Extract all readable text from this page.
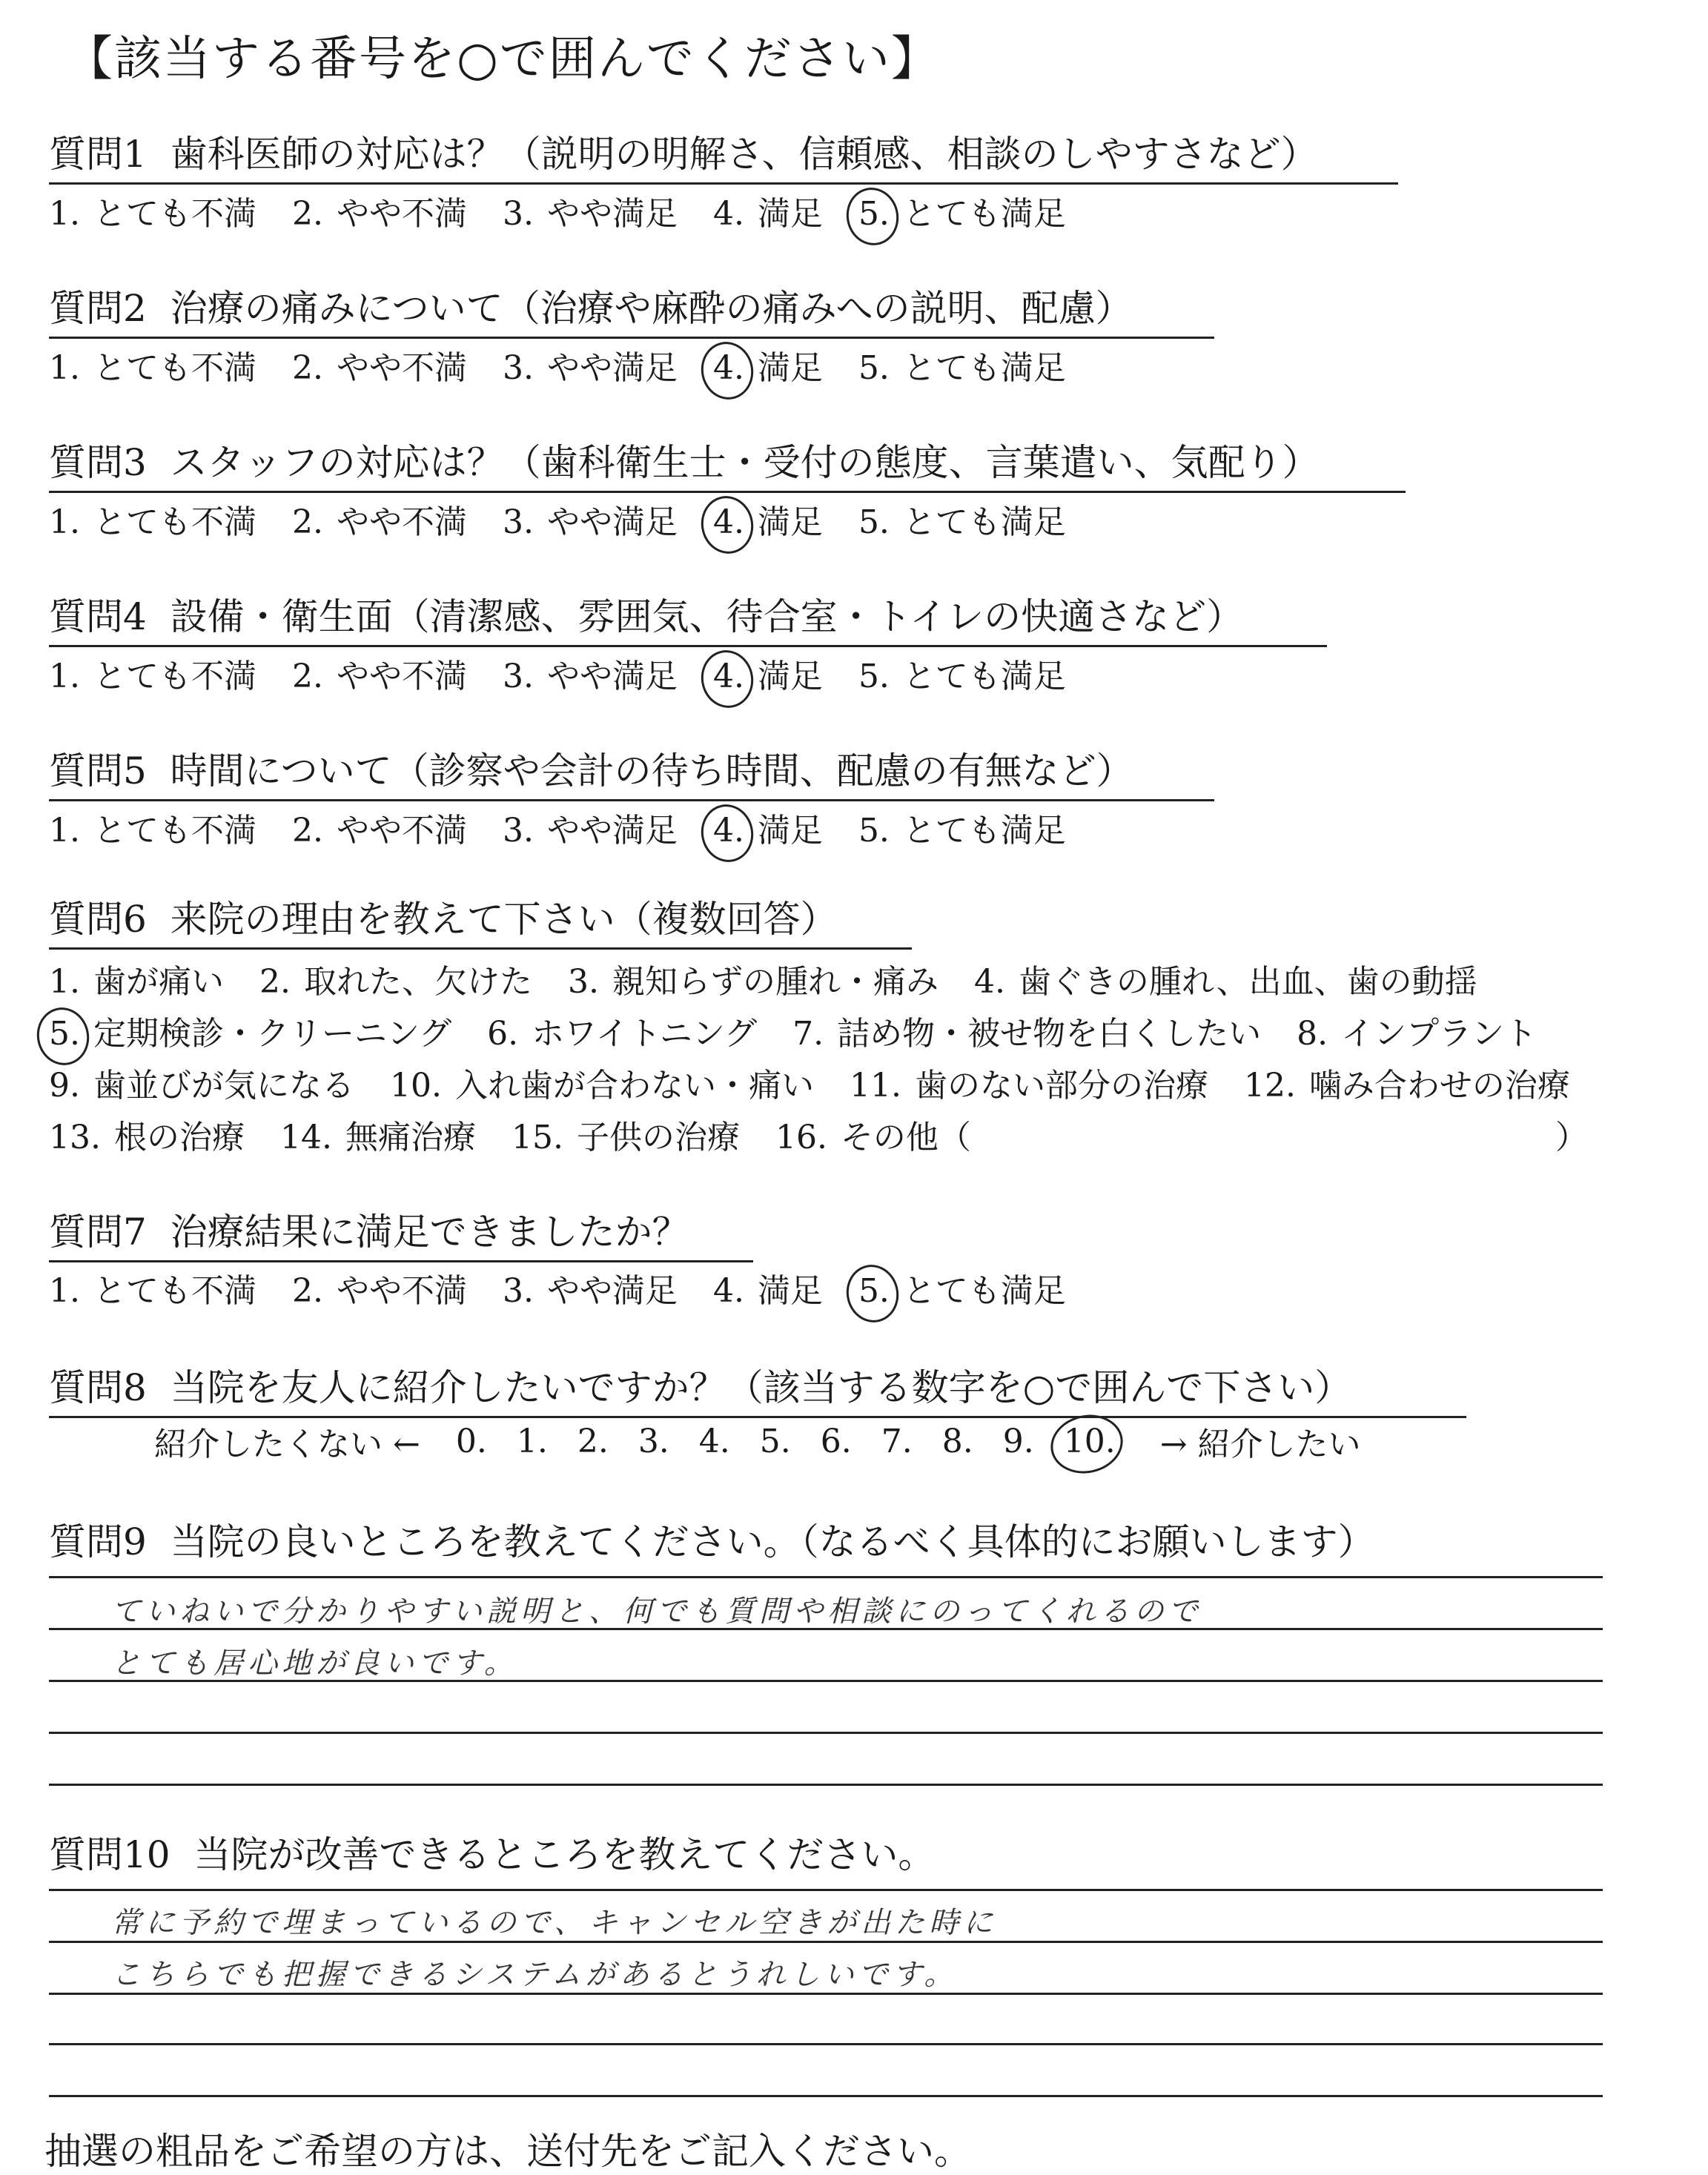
【該当する番号を○で囲んでください】
質問1 歯科医師の対応は？（説明の明解さ、信頼感、相談のしやすさなど）
1. とても不満 2. やや不満 3. やや満足 4. 満足 5. とても満足
質問2 治療の痛みについて（治療や麻酔の痛みへの説明、配慮）
1. とても不満 2. やや不満 3. やや満足 4. 満足 5. とても満足
質問3 スタッフの対応は？（歯科衛生士・受付の態度、言葉遣い、気配り）
1. とても不満 2. やや不満 3. やや満足 4. 満足 5. とても満足
質問4 設備・衛生面（清潔感、雰囲気、待合室・トイレの快適さなど）
1. とても不満 2. やや不満 3. やや満足 4. 満足 5. とても満足
質問5 時間について（診察や会計の待ち時間、配慮の有無など）
1. とても不満 2. やや不満 3. やや満足 4. 満足 5. とても満足
質問6 来院の理由を教えて下さい（複数回答）
1. 歯が痛い 2. 取れた、欠けた 3. 親知らずの腫れ・痛み 4. 歯ぐきの腫れ、出血、歯の動揺
5. 定期検診・クリーニング 6. ホワイトニング 7. 詰め物・被せ物を白くしたい 8. インプラント
9. 歯並びが気になる 10. 入れ歯が合わない・痛い 11. 歯のない部分の治療 12. 噛み合わせの治療
13. 根の治療 14. 無痛治療 15. 子供の治療 16. その他（	）
質問7 治療結果に満足できましたか？
1. とても不満 2. やや不満 3. やや満足 4. 満足 5. とても満足
質問8 当院を友人に紹介したいですか？（該当する数字を○で囲んで下さい）
紹介したくない ← 0. 1. 2. 3. 4. 5. 6. 7. 8. 9. 10.	→ 紹介したい
質問9 当院の良いところを教えてください。（なるべく具体的にお願いします）
ていねいで分かりやすい説明と、何でも質問や相談にのってくれるので
とても居心地が良いです。
質問10 当院が改善できるところを教えてください。
常に予約で埋まっているので、キャンセル空きが出た時に
こちらでも把握できるシステムがあるとうれしいです。
抽選の粗品をご希望の方は、送付先をご記入ください。
